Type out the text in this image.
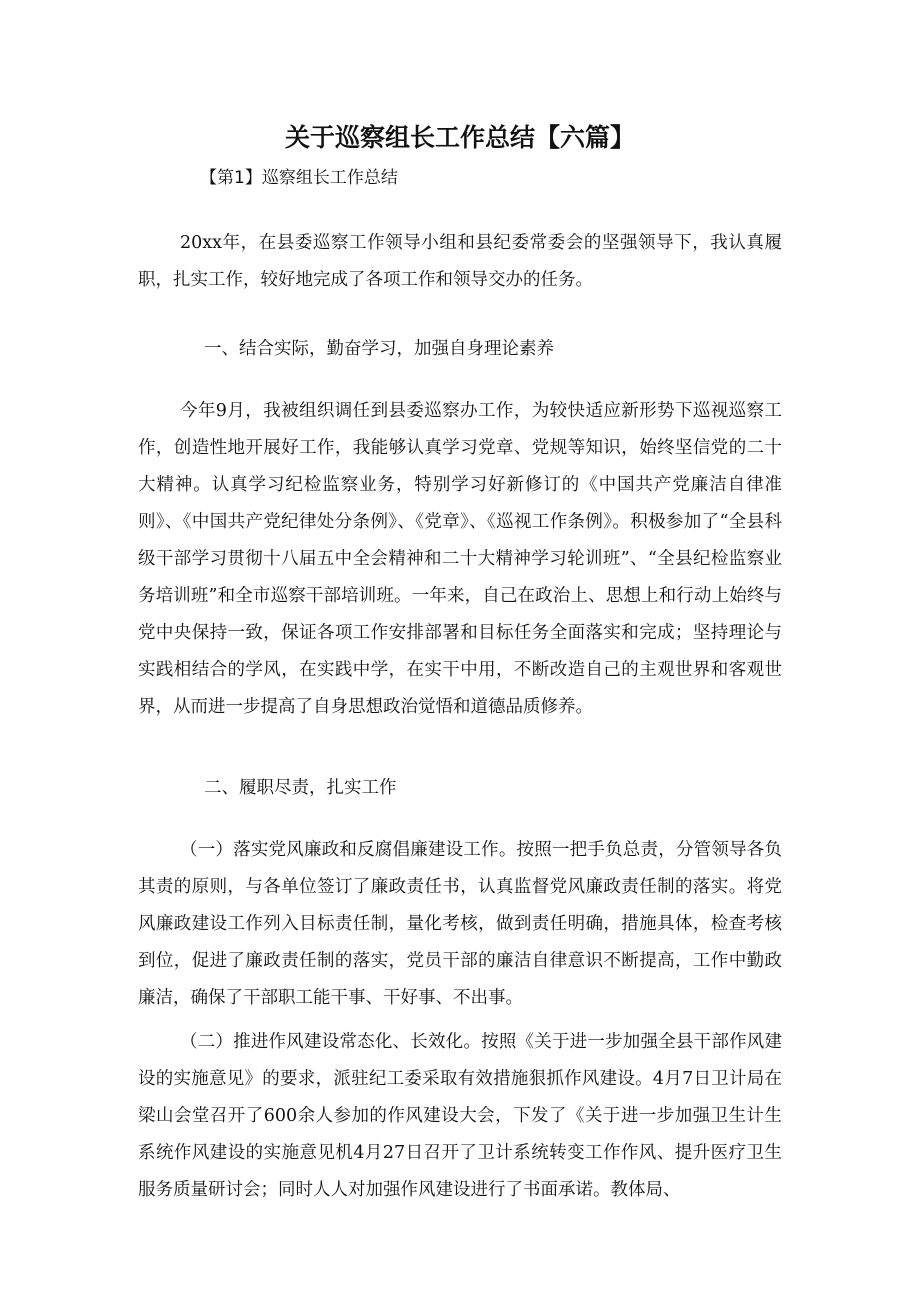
关于巡察组长工作总结【六篇】

【第1】巡察组长工作总结

20xx年，在县委巡察工作领导小组和县纪委常委会的坚强领导下，我认真履职，扎实工作，较好地完成了各项工作和领导交办的任务。

一、结合实际，勤奋学习，加强自身理论素养

今年9月，我被组织调任到县委巡察办工作，为较快适应新形势下巡视巡察工作，创造性地开展好工作，我能够认真学习党章、党规等知识，始终坚信党的二十大精神。认真学习纪检监察业务，特别学习好新修订的《中国共产党廉洁自律准则》、《中国共产党纪律处分条例》、《党章》、《巡视工作条例》。积极参加了“全县科级干部学习贯彻十八届五中全会精神和二十大精神学习轮训班”、“全县纪检监察业务培训班”和全市巡察干部培训班。一年来，自己在政治上、思想上和行动上始终与党中央保持一致，保证各项工作安排部署和目标任务全面落实和完成；坚持理论与实践相结合的学风，在实践中学，在实干中用，不断改造自己的主观世界和客观世界，从而进一步提高了自身思想政治觉悟和道德品质修养。

二、履职尽责，扎实工作

（一）落实党风廉政和反腐倡廉建设工作。按照一把手负总责，分管领导各负其责的原则，与各单位签订了廉政责任书，认真监督党风廉政责任制的落实。将党风廉政建设工作列入目标责任制，量化考核，做到责任明确，措施具体，检查考核到位，促进了廉政责任制的落实，党员干部的廉洁自律意识不断提高，工作中勤政廉洁，确保了干部职工能干事、干好事、不出事。

（二）推进作风建设常态化、长效化。按照《关于进一步加强全县干部作风建设的实施意见》的要求，派驻纪工委采取有效措施狠抓作风建设。4月7日卫计局在梁山会堂召开了600余人参加的作风建设大会，下发了《关于进一步加强卫生计生系统作风建设的实施意见机4月27日召开了卫计系统转变工作作风、提升医疗卫生服务质量研讨会；同时人人对加强作风建设进行了书面承诺。教体局、
